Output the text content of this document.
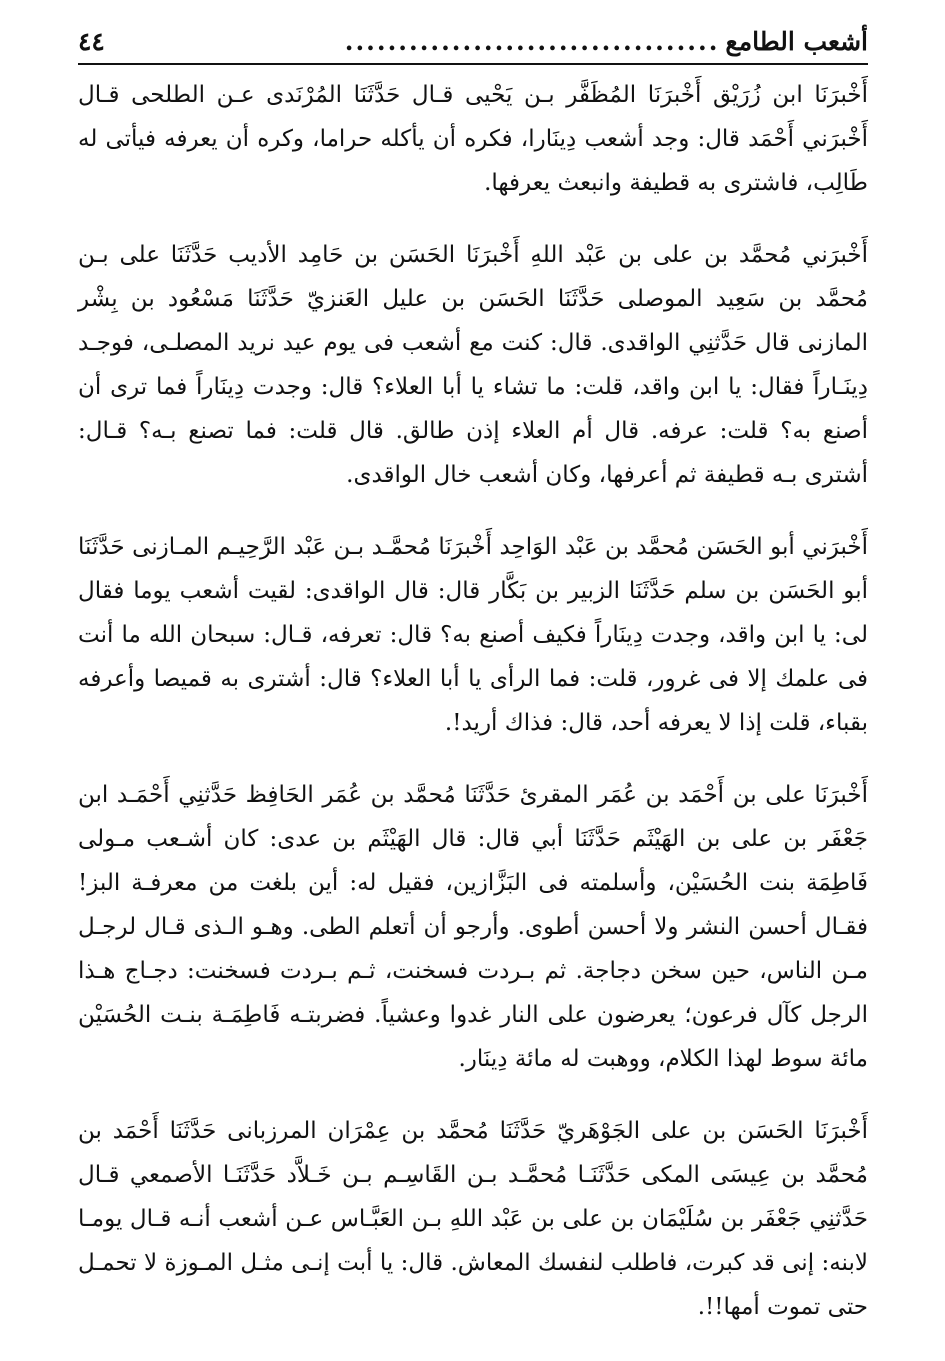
أشعب الطامع
...................................
٤٤

أَخْبرَنَا ابن زُرَيْق أَخْبرَنَا المُظَفَّر بـن يَحْيى قـال حَدَّثَنَا المُرْنَدى عـن الطلحى قـال أَخْبرَني أَحْمَد قال: وجد أشعب دِينَارا، فكره أن يأكله حراما، وكره أن يعرفه فيأتى له طَالِب، فاشترى به قطيفة وانبعث يعرفها.

أَخْبرَني مُحمَّد بن على بن عَبْد اللهِ أَخْبرَنَا الحَسَن بن حَامِد الأديب حَدَّثَنَا على بـن مُحمَّد بن سَعِيد الموصلى حَدَّثَنَا الحَسَن بن عليل العَنزيّ حَدَّثَنَا مَسْعُود بن بِشْر المازنى قال حَدَّثنِي الواقدى. قال: كنت مع أشعب فى يوم عيد نريد المصلـى، فوجـد دِينَـاراً فقال: يا ابن واقد، قلت: ما تشاء يا أبا العلاء؟ قال: وجدت دِينَاراً فما ترى أن أصنع به؟ قلت: عرفه. قال أم العلاء إذن طالق. قال قلت: فما تصنع بـه؟ قـال: أشترى بـه قطيفة ثم أعرفها، وكان أشعب خال الواقدى.

أَخْبرَني أبو الحَسَن مُحمَّد بن عَبْد الوَاحِد أَخْبرَنَا مُحمَّـد بـن عَبْد الرَّحِيـم المـازنى حَدَّثَنَا أبو الحَسَن بن سلم حَدَّثَنَا الزبير بن بَكَّار قال: قال الواقدى: لقيت أشعب يوما فقال لى: يا ابن واقد، وجدت دِينَاراً فكيف أصنع به؟ قال: تعرفه، قـال: سبحان الله ما أنت فى علمك إلا فى غرور، قلت: فما الرأى يا أبا العلاء؟ قال: أشترى به قميصا وأعرفه بقباء، قلت إذا لا يعرفه أحد، قال: فذاك أريد!.

أَخْبرَنَا على بن أَحْمَد بن عُمَر المقرئ حَدَّثَنَا مُحمَّد بن عُمَر الحَافِظ حَدَّثنِي أَحْمَـد ابن جَعْفَر بن على بن الهَيْثَم حَدَّثَنَا أبي قال: قال الهَيْثَم بن عدى: كان أشـعب مـولى فَاطِمَة بنت الحُسَيْن، وأسلمته فى البَزَّازين، فقيل له: أين بلغت من معرفـة البز! فقـال أحسن النشر ولا أحسن أطوى. وأرجو أن أتعلم الطى. وهـو الـذى قـال لرجـل مـن الناس، حين سخن دجاجة. ثم بـردت فسخنت، ثـم بـردت فسخنت: دجـاج هـذا الرجل كآل فرعون؛ يعرضون على النار غدوا وعشياً. فضربتـه فَاطِمَـة بنـت الحُسَيْن مائة سوط لهذا الكلام، ووهبت له مائة دِينَار.

أَخْبرَنَا الحَسَن بن على الجَوْهَريّ حَدَّثَنَا مُحمَّد بن عِمْرَان المرزبانى حَدَّثَنَا أَحْمَد بن مُحمَّد بن عِيسَى المكى حَدَّثَنَـا مُحمَّـد بـن القَاسِـم بـن خَـلاَّد حَدَّثَنَـا الأصمعي قـال حَدَّثنِي جَعْفَر بن سُلَيْمَان بن على بن عَبْد اللهِ بـن العَبَّـاس عـن أشعب أنـه قـال يومـا لابنه: إنى قد كبرت، فاطلب لنفسك المعاش. قال: يا أبت إنـى مثـل المـوزة لا تحمـل حتى تموت أمها!!.
